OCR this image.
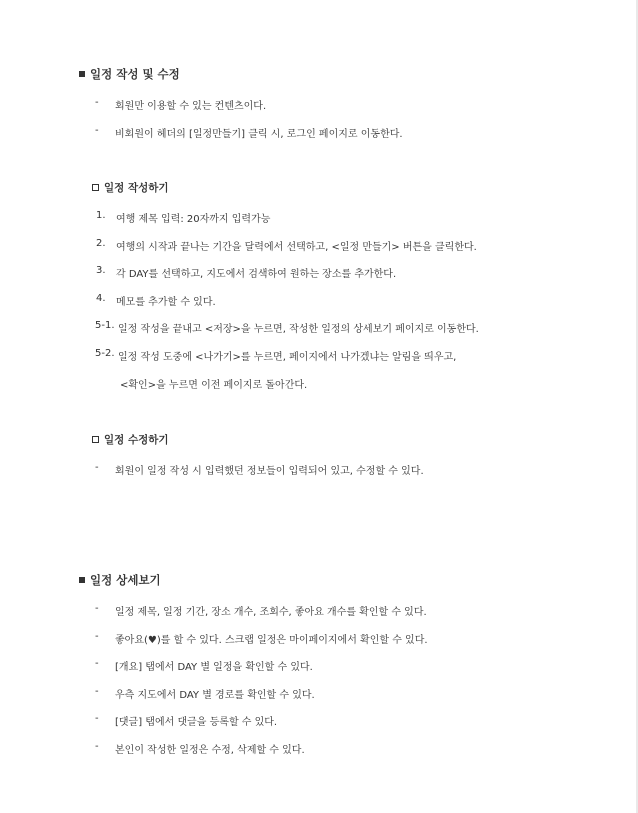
일정 작성 및 수정
-	회원만 이용할 수 있는 컨텐츠이다.
-	비회원이 헤더의 [일정만들기] 클릭 시, 로그인 페이지로 이동한다.
일정 작성하기
1.	여행 제목 입력: 20자까지 입력가능
2.	여행의 시작과 끝나는 기간을 달력에서 선택하고, <일정 만들기> 버튼을 클릭한다.
3.	각 DAY를 선택하고, 지도에서 검색하여 원하는 장소를 추가한다.
4.	메모를 추가할 수 있다.
5-1. 일정 작성을 끝내고 <저장>을 누르면, 작성한 일정의 상세보기 페이지로 이동한다.
5-2. 일정 작성 도중에 <나가기>를 누르면, 페이지에서 나가겠냐는 알림을 띄우고,
<확인>을 누르면 이전 페이지로 돌아간다.
일정 수정하기
-	회원이 일정 작성 시 입력했던 정보들이 입력되어 있고, 수정할 수 있다.
일정 상세보기
-	일정 제목, 일정 기간, 장소 개수, 조회수, 좋아요 개수를 확인할 수 있다.
-	좋아요(♥)를 할 수 있다. 스크랩 일정은 마이페이지에서 확인할 수 있다.
-	[개요] 탭에서 DAY 별 일정을 확인할 수 있다.
-	우측 지도에서 DAY 별 경로를 확인할 수 있다.
-	[댓글] 탭에서 댓글을 등록할 수 있다.
-	본인이 작성한 일정은 수정, 삭제할 수 있다.
